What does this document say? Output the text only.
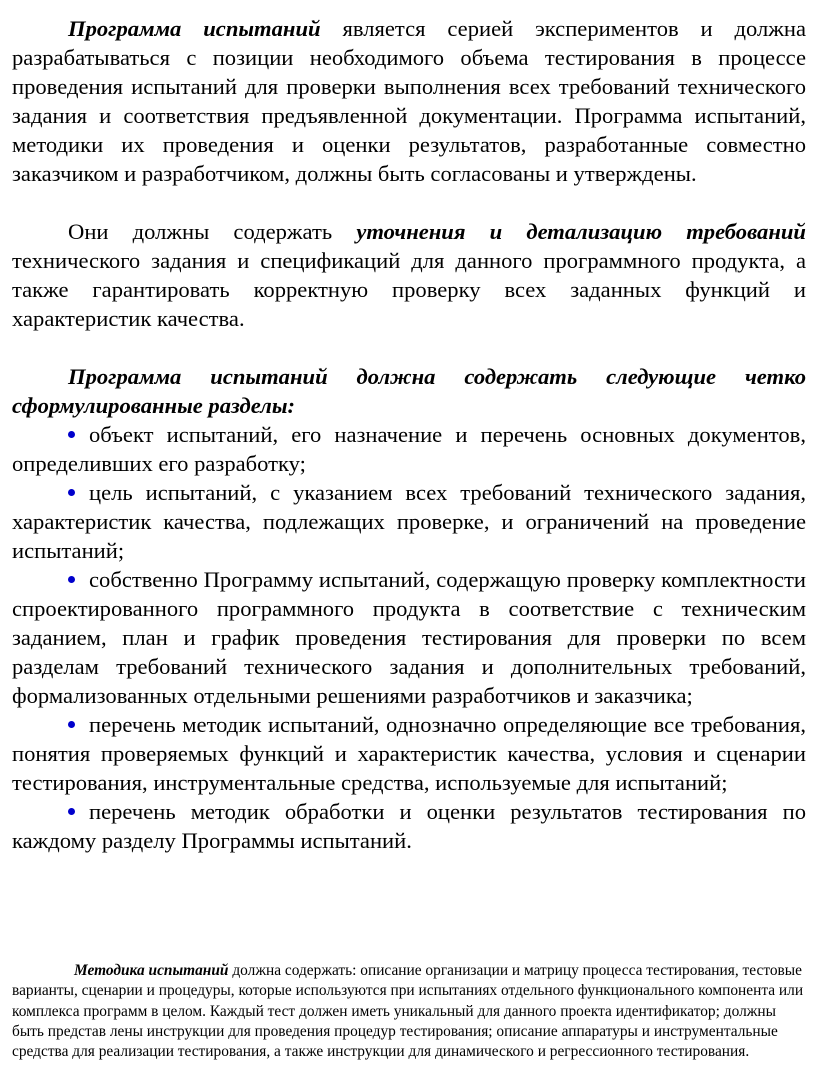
Программа испытаний является серией экспериментов и должна разрабатываться с позиции необходимого объема тестирования в процессе проведения испытаний для проверки выполнения всех требований технического задания и соответствия предъявленной документации. Программа испытаний, методики их проведения и оценки результатов, разработанные совместно заказчиком и разработчиком, должны быть согласованы и утверждены.

Они должны содержать уточнения и детализацию требований технического задания и спецификаций для данного программного продукта, а также гарантировать корректную проверку всех заданных функций и характеристик качества.

Программа испытаний должна содержать следующие четко сформулированные разделы:

объект испытаний, его назначение и перечень основных документов, определивших его разработку;
цель испытаний, с указанием всех требований технического задания, характеристик качества, подлежащих проверке, и ограничений на проведение испытаний;
собственно Программу испытаний, содержащую проверку комплектности спроектированного программного продукта в соответствие с техническим заданием, план и график проведения тестирования для проверки по всем разделам требований технического задания и дополнительных требований, формализованных отдельными решениями разработчиков и заказчика;
перечень методик испытаний, однозначно определяющие все требования, понятия проверяемых функций и характеристик качества, условия и сценарии тестирования, инструментальные средства, используемые для испытаний;
перечень методик обработки и оценки результатов тестирования по каждому разделу Программы испытаний.

Методика испытаний должна содержать: описание организации и матрицу процесса тестирования, тестовые варианты, сценарии и процедуры, которые используются при испытаниях отдельного функционального компонента или комплекса программ в целом. Каждый тест должен иметь уникальный для данного проекта идентификатор; должны быть представ лены инструкции для проведения процедур тестирования; описание аппаратуры и инструментальные средства для реализации тестирования, а также инструкции для динамического и регрессионного тестирования.
